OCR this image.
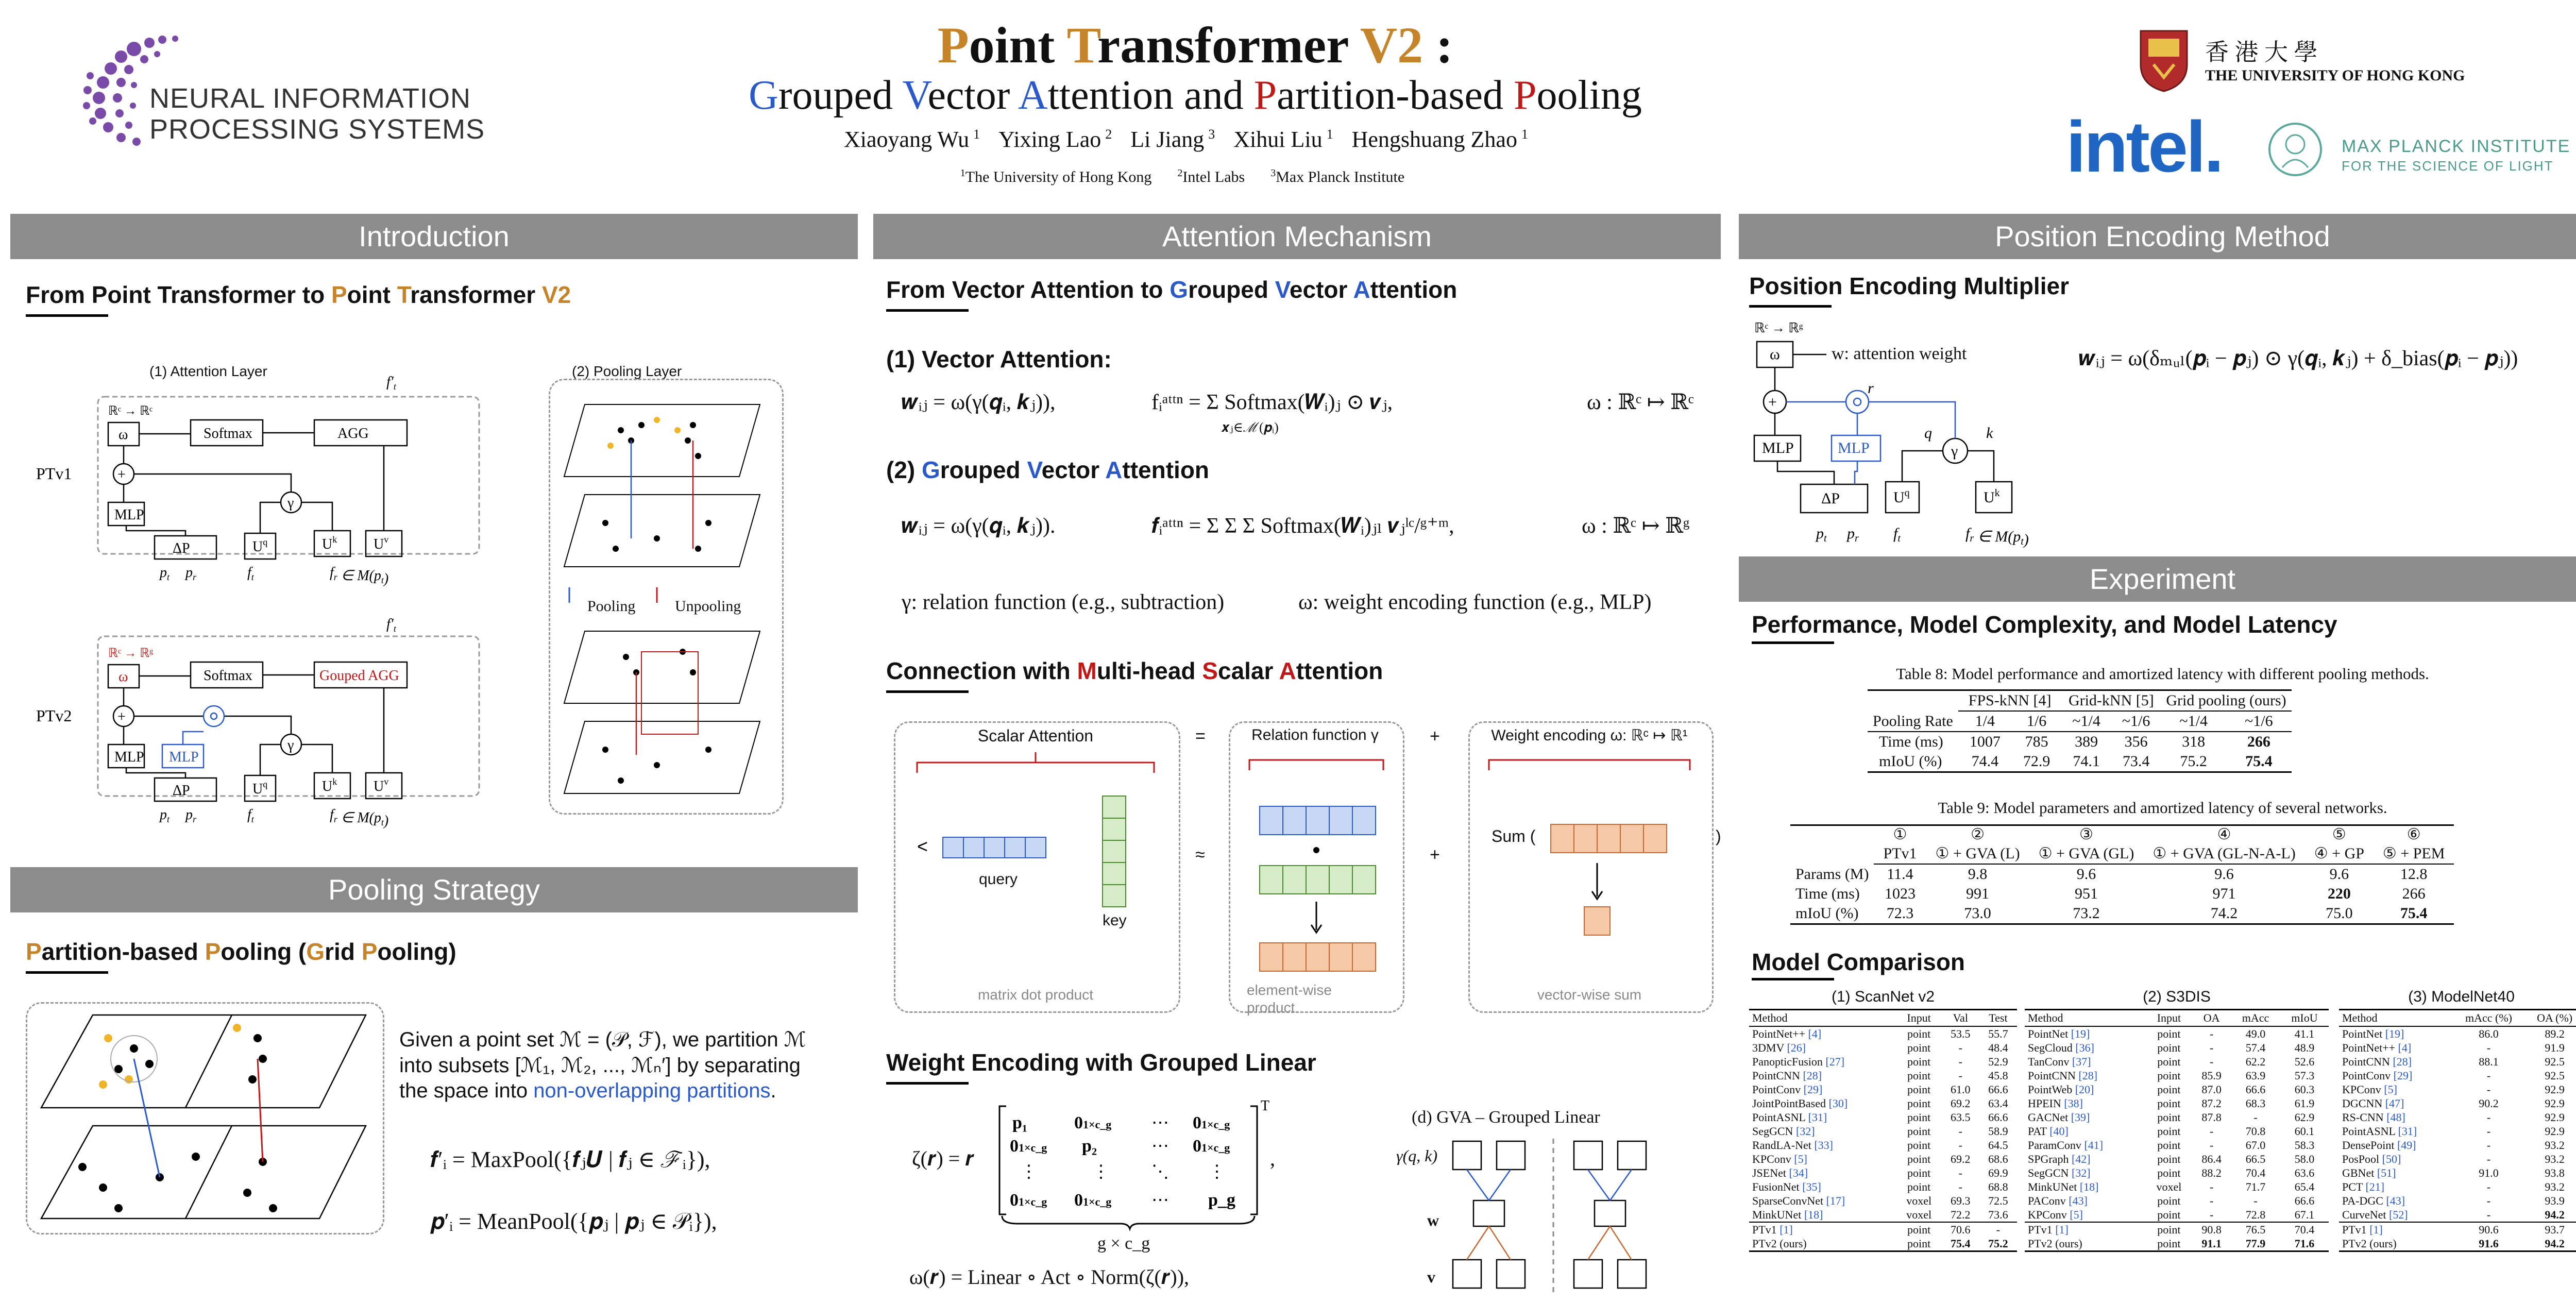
NEURAL INFORMATION
PROCESSING SYSTEMS
Point Transformer V2 :
Grouped Vector Attention and Partition-based Pooling
Xiaoyang Wu $^1$ Yixing Lao $^2$ Li Jiang $^3$ Xihui Liu $^1$ Hengshuang Zhao $^1$
$^1$The University of Hong Kong	$^2$Intel Labs	$^3$Max Planck Institute
香 港 大 學
THE UNIVERSITY OF HONG KONG
intel.	MAX PLANCK INSTITUTE
FOR THE SCIENCE OF LIGHT
Introduction
From Point Transformer to Point Transformer V2
(1) Attention Layer	(2) Pooling Layer
PTv1
PTv2
ω	Softmax	AGG
+
MLP
ΔP	$U^q$
γ
$U^k$	$U^v$
ℝᶜ → ℝᶜ
ω	Softmax	Gouped AGG
+
MLP MLP
ΔP	$U^q$
γ
$U^k$	$U^v$
ℝᶜ → ℝᵍ
$p_t$ $p_r$	$f_t$	$f_r$ ∈ $M(p_t)$
$p_t$ $p_r$	$f_t$	$f_r$ ∈ $M(p_t)$
$f'_t$
$f'_t$
Pooling	Unpooling
Pooling Strategy
Partition-based Pooling (Grid Pooling)
Given a point set ℳ = (𝒫, ℱ), we partition ℳ
into subsets [ℳ₁, ℳ₂, ..., ℳₙ′] by separating
the space into non-overlapping partitions.
𝒇′ᵢ = MaxPool({𝒇ⱼ𝑼 | 𝒇ⱼ ∈ ℱᵢ}),
𝒑′ᵢ = MeanPool({𝒑ⱼ | 𝒑ⱼ ∈ 𝒫ᵢ}),
Attention Mechanism
From Vector Attention to Grouped Vector Attention
(1) Vector Attention:
𝒘ᵢⱼ = ω(γ(𝒒ᵢ, 𝒌ⱼ)),	fᵢᵃᵗᵗⁿ = Σ Softmax(𝑾ᵢ)ⱼ ⊙ 𝒗ⱼ,
𝒙ⱼ∈ℳ(𝒑ᵢ)
ω : ℝᶜ ↦ ℝᶜ
(2) Grouped Vector Attention
𝒘ᵢⱼ = ω(γ(𝒒ᵢ, 𝒌ⱼ)).	𝒇ᵢᵃᵗᵗⁿ = Σ Σ Σ Softmax(𝑾ᵢ)ⱼₗ 𝒗ⱼˡᶜ/ᵍ⁺ᵐ,	ω : ℝᶜ ↦ ℝᵍ
γ: relation function (e.g., subtraction)	ω: weight encoding function (e.g., MLP)
Connection with Multi-head Scalar Attention
Scalar Attention
<
query
key
matrix dot product
=
≈
Relation function γ
element-wise product
+
+
Weight encoding ω: ℝᶜ ↦ ℝ¹
Sum (	)
vector-wise sum
Weight Encoding with Grouped Linear
ζ(𝒓) = 𝒓
p₁	01×c_g ⋯ 01×c_g
01×c_g p₂	⋯ 01×c_g
⋮	⋮ ⋱ ⋮
01×c_g 01×c_g ⋯ p_g
T
,
g × c_g
ω(𝒓) = Linear ∘ Act ∘ Norm(ζ(𝒓)),
(d) GVA – Grouped Linear
γ(q, k)
w
v
Position Encoding Method
Position Encoding Multiplier
ℝᶜ → ℝᵍ
ω
+
MLP	MLP
ΔP	$U^q$
γ
$U^k$
$p_t$ $p_r$ $f_t$	$f_r$ ∈ $M(p_t)$
q	k
r
w: attention weight	𝒘ᵢⱼ = ω(δₘᵤₗ(𝒑ᵢ − 𝒑ⱼ) ⊙ γ(𝒒ᵢ, 𝒌ⱼ) + δ_bias(𝒑ᵢ − 𝒑ⱼ))
Experiment
Performance, Model Complexity, and Model Latency
Table 8: Model performance and amortized latency with different pooling methods.
	FPS-kNN [4]		Grid-kNN [5]		Grid pooling (ours)	
Pooling Rate	1/4	1/6	~1/4	~1/6	~1/4	~1/6
Time (ms)	1007	785	389	356	318	266
mIoU (%)	74.4	72.9	74.1	73.4	75.2	75.4
Table 9: Model parameters and amortized latency of several networks.
	①	②	③	④	⑤	⑥
	PTv1	① + GVA (L)	① + GVA (GL)	① + GVA (GL-N-A-L)	④ + GP	⑤ + PEM
Params (M)	11.4	9.8	9.6	9.6	9.6	12.8
Time (ms)	1023	991	951	971	220	266
mIoU (%)	72.3	73.0	73.2	74.2	75.0	75.4
Model Comparison
(1) ScanNet v2
Method	Input	Val	Test
PointNet++ [4]	point	53.5	55.7
3DMV [26]	point	-	48.4
PanopticFusion [27]	point	-	52.9
PointCNN [28]	point	-	45.8
PointConv [29]	point	61.0	66.6
JointPointBased [30]	point	69.2	63.4
PointASNL [31]	point	63.5	66.6
SegGCN [32]	point	-	58.9
RandLA-Net [33]	point	-	64.5
KPConv [5]	point	69.2	68.6
JSENet [34]	point	-	69.9
FusionNet [35]	point	-	68.8
SparseConvNet [17]	voxel	69.3	72.5
MinkUNet [18]	voxel	72.2	73.6
PTv1 [1]	point	70.6	-
PTv2 (ours)	point	75.4	75.2
(2) S3DIS
Method	Input	OA	mAcc	mIoU
PointNet [19]	point	-	49.0	41.1
SegCloud [36]	point	-	57.4	48.9
TanConv [37]	point	-	62.2	52.6
PointCNN [28]	point	85.9	63.9	57.3
PointWeb [20]	point	87.0	66.6	60.3
HPEIN [38]	point	87.2	68.3	61.9
GACNet [39]	point	87.8	-	62.9
PAT [40]	point	-	70.8	60.1
ParamConv [41]	point	-	67.0	58.3
SPGraph [42]	point	86.4	66.5	58.0
SegGCN [32]	point	88.2	70.4	63.6
MinkUNet [18]	voxel	-	71.7	65.4
PAConv [43]	point	-	-	66.6
KPConv [5]	point	-	72.8	67.1
PTv1 [1]	point	90.8	76.5	70.4
PTv2 (ours)	point	91.1	77.9	71.6
(3) ModelNet40
Method	mAcc (%)	OA (%)
PointNet [19]	86.0	89.2
PointNet++ [4]	-	91.9
PointCNN [28]	88.1	92.5
PointConv [29]	-	92.5
KPConv [5]	-	92.9
DGCNN [47]	90.2	92.9
RS-CNN [48]	-	92.9
PointASNL [31]	-	92.9
DensePoint [49]	-	93.2
PosPool [50]	-	93.2
GBNet [51]	91.0	93.8
PCT [21]	-	93.2
PA-DGC [43]	-	93.9
CurveNet [52]	-	94.2
PTv1 [1]	90.6	93.7
PTv2 (ours)	91.6	94.2
